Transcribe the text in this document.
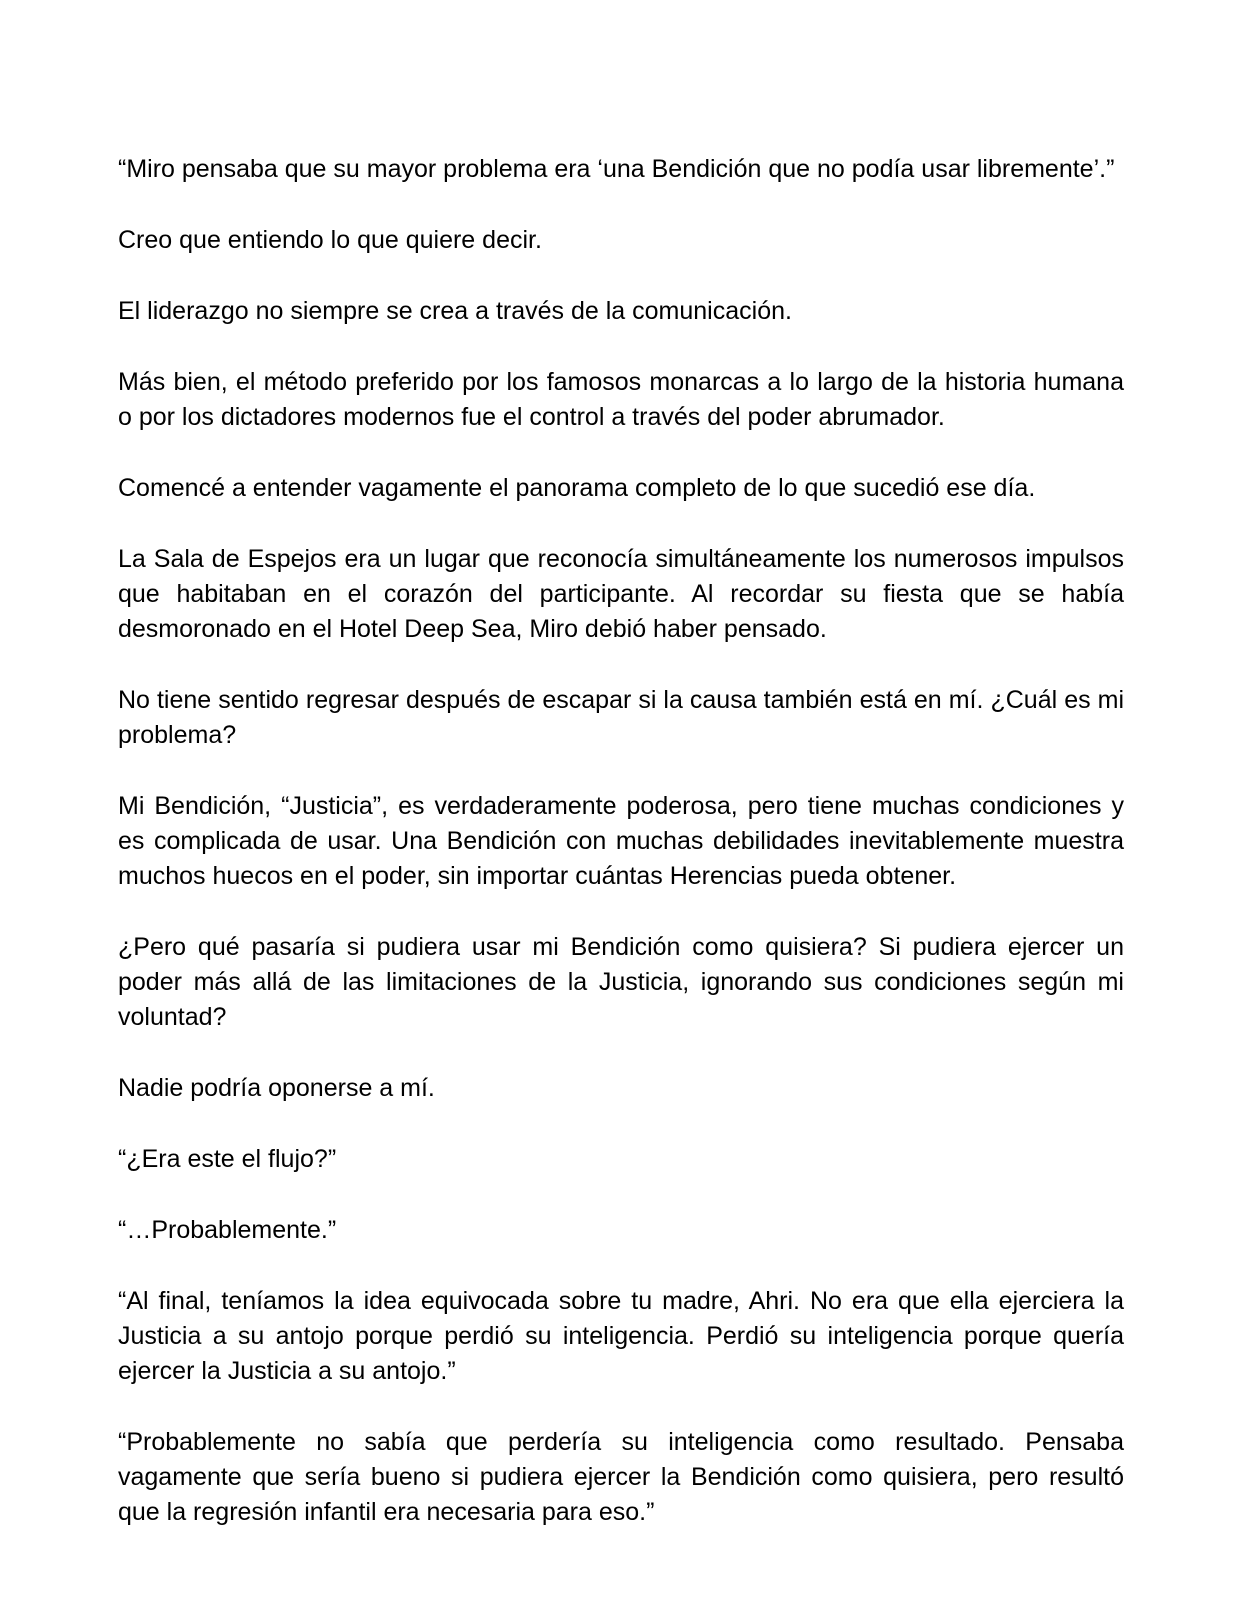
“Miro pensaba que su mayor problema era ‘una Bendición que no podía usar libremente’.”

Creo que entiendo lo que quiere decir.

El liderazgo no siempre se crea a través de la comunicación.

Más bien, el método preferido por los famosos monarcas a lo largo de la historia humana o por los dictadores modernos fue el control a través del poder abrumador.

Comencé a entender vagamente el panorama completo de lo que sucedió ese día.

La Sala de Espejos era un lugar que reconocía simultáneamente los numerosos impulsos que habitaban en el corazón del participante. Al recordar su fiesta que se había desmoronado en el Hotel Deep Sea, Miro debió haber pensado.

No tiene sentido regresar después de escapar si la causa también está en mí. ¿Cuál es mi problema?

Mi Bendición, “Justicia”, es verdaderamente poderosa, pero tiene muchas condiciones y es complicada de usar. Una Bendición con muchas debilidades inevitablemente muestra muchos huecos en el poder, sin importar cuántas Herencias pueda obtener.

¿Pero qué pasaría si pudiera usar mi Bendición como quisiera? Si pudiera ejercer un poder más allá de las limitaciones de la Justicia, ignorando sus condiciones según mi voluntad?

Nadie podría oponerse a mí.

“¿Era este el flujo?”

“…Probablemente.”

“Al final, teníamos la idea equivocada sobre tu madre, Ahri. No era que ella ejerciera la Justicia a su antojo porque perdió su inteligencia. Perdió su inteligencia porque quería ejercer la Justicia a su antojo.”

“Probablemente no sabía que perdería su inteligencia como resultado. Pensaba vagamente que sería bueno si pudiera ejercer la Bendición como quisiera, pero resultó que la regresión infantil era necesaria para eso.”
